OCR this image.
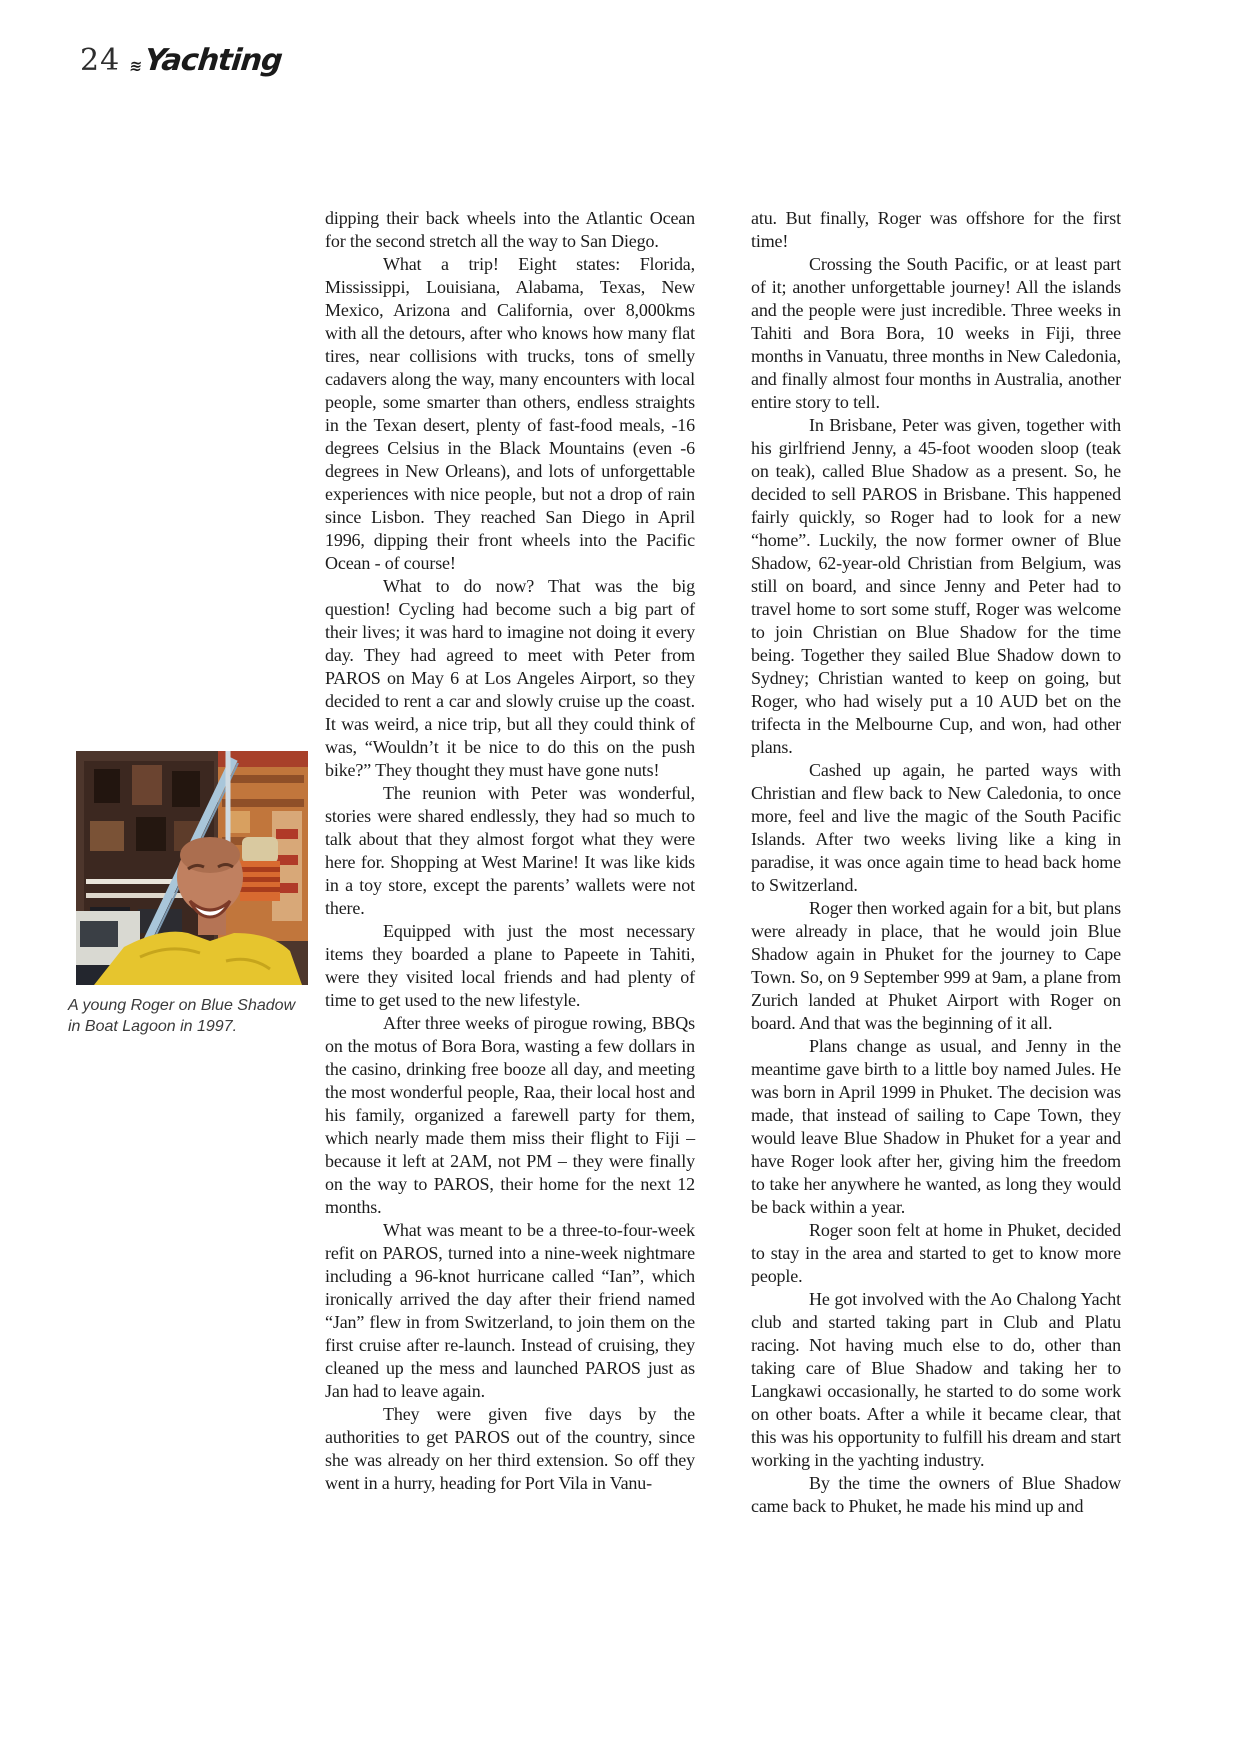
24 ≋ Yachting
A young Roger on Blue Shadow in Boat Lagoon in 1997.

dipping their back wheels into the Atlantic Ocean for the second stretch all the way to San Diego.

What a trip! Eight states: Florida, Mississippi, Louisiana, Alabama, Texas, New Mexico, Arizona and California, over 8,000kms with all the detours, after who knows how many flat tires, near collisions with trucks, tons of smelly cadavers along the way, many encounters with local people, some smarter than others, endless straights in the Texan desert, plenty of fast-food meals, -16 degrees Celsius in the Black Mountains (even -6 degrees in New Orleans), and lots of unforgettable experiences with nice people, but not a drop of rain since Lisbon. They reached San Diego in April 1996, dipping their front wheels into the Pacific Ocean - of course!

What to do now? That was the big question! Cycling had become such a big part of their lives; it was hard to imagine not doing it every day. They had agreed to meet with Peter from PAROS on May 6 at Los Angeles Airport, so they decided to rent a car and slowly cruise up the coast. It was weird, a nice trip, but all they could think of was, “Wouldn’t it be nice to do this on the push bike?” They thought they must have gone nuts!

The reunion with Peter was wonderful, stories were shared endlessly, they had so much to talk about that they almost forgot what they were here for. Shopping at West Marine! It was like kids in a toy store, except the parents’ wallets were not there.

Equipped with just the most necessary items they boarded a plane to Papeete in Tahiti, were they visited local friends and had plenty of time to get used to the new lifestyle.

After three weeks of pirogue rowing, BBQs on the motus of Bora Bora, wasting a few dollars in the casino, drinking free booze all day, and meeting the most wonderful people, Raa, their local host and his family, organized a farewell party for them, which nearly made them miss their flight to Fiji – because it left at 2AM, not PM – they were finally on the way to PAROS, their home for the next 12 months.

What was meant to be a three-to-four-week refit on PAROS, turned into a nine-week nightmare including a 96-knot hurricane called “Ian”, which ironically arrived the day after their friend named “Jan” flew in from Switzerland, to join them on the first cruise after re-launch. Instead of cruising, they cleaned up the mess and launched PAROS just as Jan had to leave again.

They were given five days by the authorities to get PAROS out of the country, since she was already on her third extension. So off they went in a hurry, heading for Port Vila in Vanu-

atu. But finally, Roger was offshore for the first time!

Crossing the South Pacific, or at least part of it; another unforgettable journey! All the islands and the people were just incredible. Three weeks in Tahiti and Bora Bora, 10 weeks in Fiji, three months in Vanuatu, three months in New Caledonia, and finally almost four months in Australia, another entire story to tell.

In Brisbane, Peter was given, together with his girlfriend Jenny, a 45-foot wooden sloop (teak on teak), called Blue Shadow as a present. So, he decided to sell PAROS in Brisbane. This happened fairly quickly, so Roger had to look for a new “home”. Luckily, the now former owner of Blue Shadow, 62-year-old Christian from Belgium, was still on board, and since Jenny and Peter had to travel home to sort some stuff, Roger was welcome to join Christian on Blue Shadow for the time being. Together they sailed Blue Shadow down to Sydney; Christian wanted to keep on going, but Roger, who had wisely put a 10 AUD bet on the trifecta in the Melbourne Cup, and won, had other plans.

Cashed up again, he parted ways with Christian and flew back to New Caledonia, to once more, feel and live the magic of the South Pacific Islands. After two weeks living like a king in paradise, it was once again time to head back home to Switzerland.

Roger then worked again for a bit, but plans were already in place, that he would join Blue Shadow again in Phuket for the journey to Cape Town. So, on 9 September 999 at 9am, a plane from Zurich landed at Phuket Airport with Roger on board. And that was the beginning of it all.

Plans change as usual, and Jenny in the meantime gave birth to a little boy named Jules. He was born in April 1999 in Phuket. The decision was made, that instead of sailing to Cape Town, they would leave Blue Shadow in Phuket for a year and have Roger look after her, giving him the freedom to take her anywhere he wanted, as long they would be back within a year.

Roger soon felt at home in Phuket, decided to stay in the area and started to get to know more people.

He got involved with the Ao Chalong Yacht club and started taking part in Club and Platu racing. Not having much else to do, other than taking care of Blue Shadow and taking her to Langkawi occasionally, he started to do some work on other boats. After a while it became clear, that this was his opportunity to fulfill his dream and start working in the yachting industry.

By the time the owners of Blue Shadow came back to Phuket, he made his mind up and
